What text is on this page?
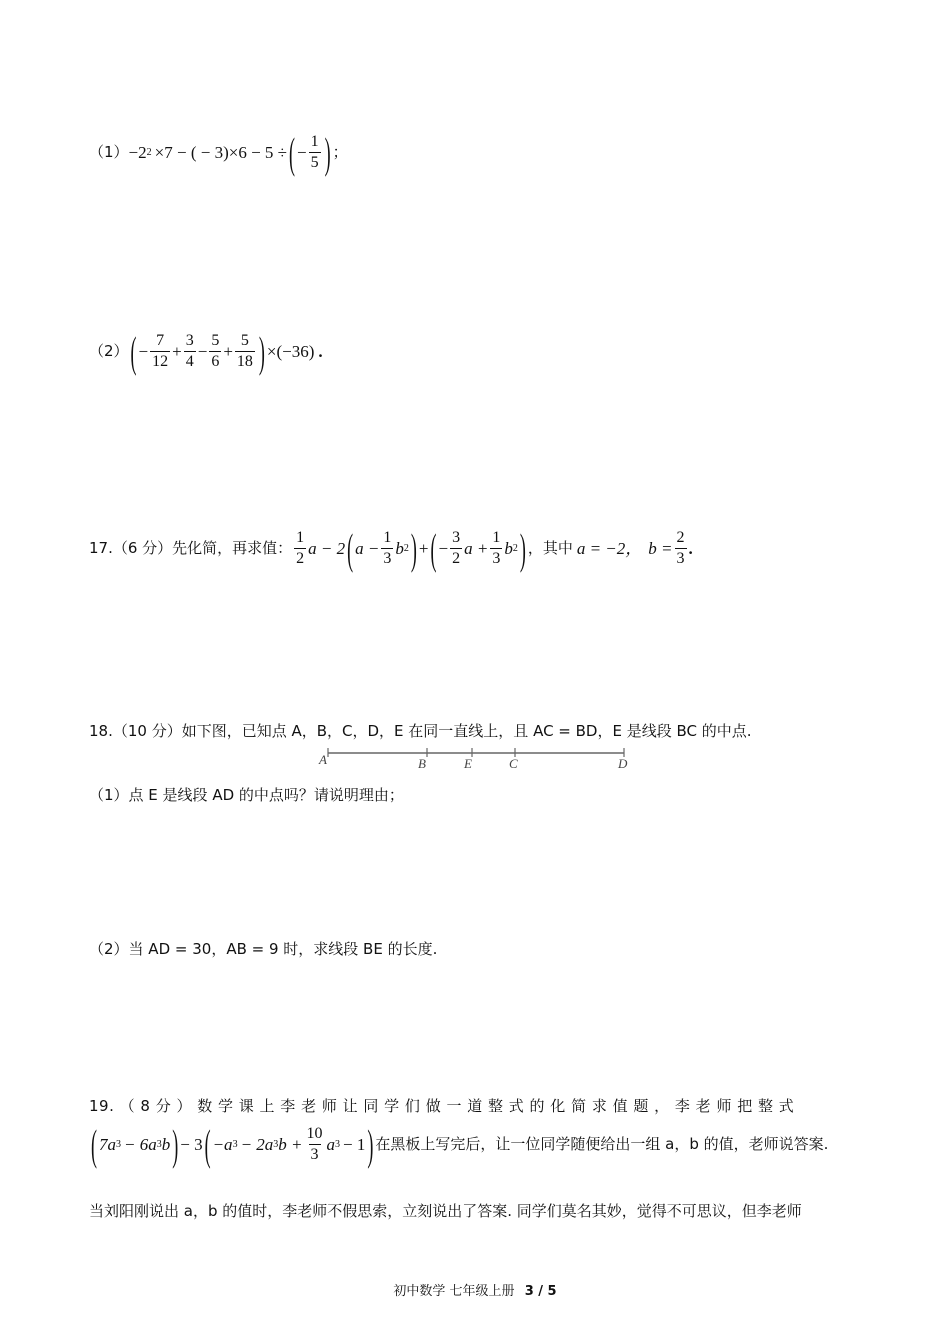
（1） −2 2 ×7 − ( − 3)×6 − 5 ÷ ( − $\frac{1}{5}$ ) ；
（2） ( − $\frac{7}{12} + \frac{3}{4} - \frac{5}{6} + \frac{5}{18}$ ) ×(−36) .
17.（6 分）先化简，再求值： $\frac{1}{2}$ a − 2 ( $a - \frac{1}{3}$ b 2 ) + ( − $\frac{3}{2}$ $a + \frac{1}{3}$ b 2 ) ，其中 a = −2， $b = \frac{2}{3}$ .
18.（10 分）如下图，已知点 A，B，C，D，E 在同一直线上，且 AC = BD，E 是线段 BC 的中点.
A	B	E	C	D
（1）点 E 是线段 AD 的中点吗？请说明理由；
（2）当 AD = 30，AB = 9 时，求线段 BE 的长度.
19. （ 8 分 ） 数 学 课 上 李 老 师 让 同 学 们 做 一 道 整 式 的 化 简 求 值 题 ， 李 老 师 把 整 式
( 7a 3 − 6a 3 b ) − 3 ( −a 3 − 2a 3 $b + \frac{10}{3}$ a 3 − 1 ) 在黑板上写完后，让一位同学随便给出一组 a，b 的值，老师说答案.
当刘阳刚说出 a，b 的值时，李老师不假思索，立刻说出了答案. 同学们莫名其妙，觉得不可思议，但李老师
初中数学 七年级上册 3 / 5
